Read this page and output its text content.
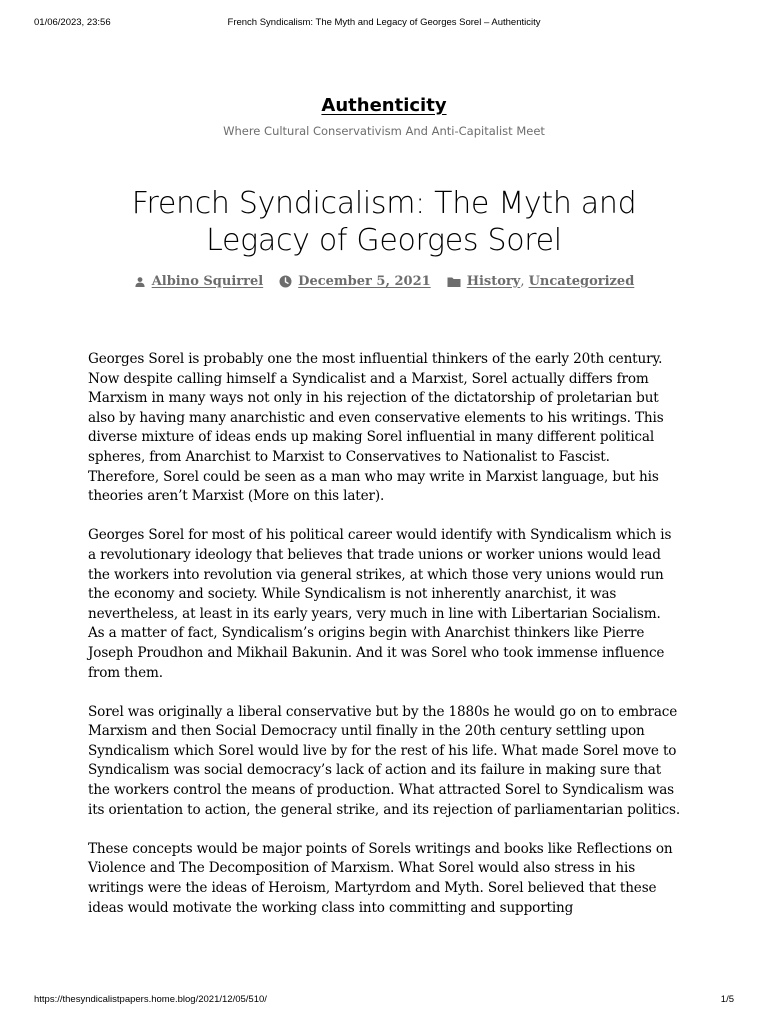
01/06/2023, 23:56	French Syndicalism: The Myth and Legacy of Georges Sorel – Authenticity
Authenticity
Where Cultural Conservativism And Anti-Capitalist Meet
French Syndicalism: The Myth and Legacy of Georges Sorel
Albino Squirrel	December 5, 2021	History, Uncategorized

Georges Sorel is probably one the most influential thinkers of the early 20th century. Now despite calling himself a Syndicalist and a Marxist, Sorel actually differs from Marxism in many ways not only in his rejection of the dictatorship of proletarian but also by having many anarchistic and even conservative elements to his writings. This diverse mixture of ideas ends up making Sorel influential in many different political spheres, from Anarchist to Marxist to Conservatives to Nationalist to Fascist. Therefore, Sorel could be seen as a man who may write in Marxist language, but his theories aren’t Marxist (More on this later).

Georges Sorel for most of his political career would identify with Syndicalism which is a revolutionary ideology that believes that trade unions or worker unions would lead the workers into revolution via general strikes, at which those very unions would run the economy and society. While Syndicalism is not inherently anarchist, it was nevertheless, at least in its early years, very much in line with Libertarian Socialism. As a matter of fact, Syndicalism’s origins begin with Anarchist thinkers like Pierre Joseph Proudhon and Mikhail Bakunin. And it was Sorel who took immense influence from them.

Sorel was originally a liberal conservative but by the 1880s he would go on to embrace Marxism and then Social Democracy until finally in the 20th century settling upon Syndicalism which Sorel would live by for the rest of his life. What made Sorel move to Syndicalism was social democracy’s lack of action and its failure in making sure that the workers control the means of production. What attracted Sorel to Syndicalism was its orientation to action, the general strike, and its rejection of parliamentarian politics.

These concepts would be major points of Sorels writings and books like Reflections on Violence and The Decomposition of Marxism. What Sorel would also stress in his writings were the ideas of Heroism, Martyrdom and Myth. Sorel believed that these ideas would motivate the working class into committing and supporting

https://thesyndicalistpapers.home.blog/2021/12/05/510/	1/5
